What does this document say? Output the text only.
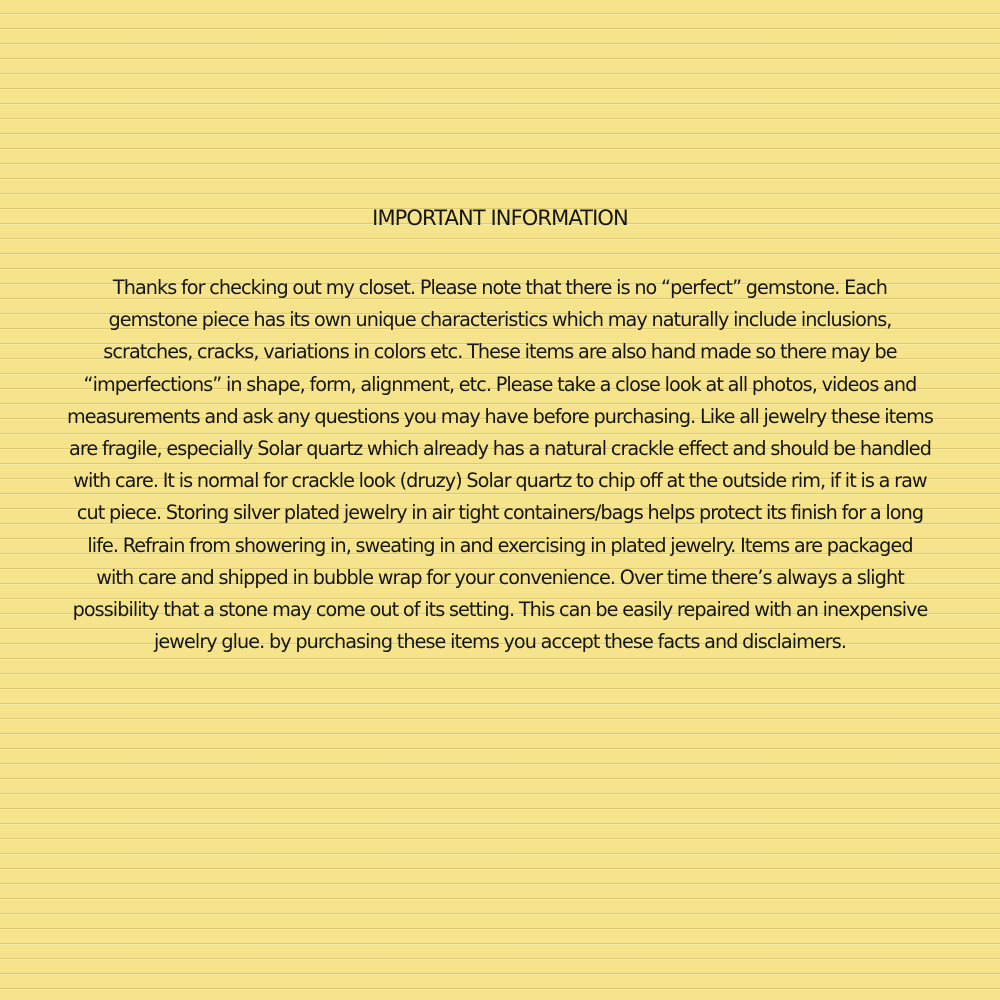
IMPORTANT INFORMATION
Thanks for checking out my closet. Please note that there is no “perfect” gemstone. Each
gemstone piece has its own unique characteristics which may naturally include inclusions,
scratches, cracks, variations in colors etc. These items are also hand made so there may be
“imperfections” in shape, form, alignment, etc. Please take a close look at all photos, videos and
measurements and ask any questions you may have before purchasing. Like all jewelry these items
are fragile, especially Solar quartz which already has a natural crackle effect and should be handled
with care. It is normal for crackle look (druzy) Solar quartz to chip off at the outside rim, if it is a raw
cut piece. Storing silver plated jewelry in air tight containers/bags helps protect its finish for a long
life. Refrain from showering in, sweating in and exercising in plated jewelry. Items are packaged
with care and shipped in bubble wrap for your convenience. Over time there’s always a slight
possibility that a stone may come out of its setting. This can be easily repaired with an inexpensive
jewelry glue. by purchasing these items you accept these facts and disclaimers.
